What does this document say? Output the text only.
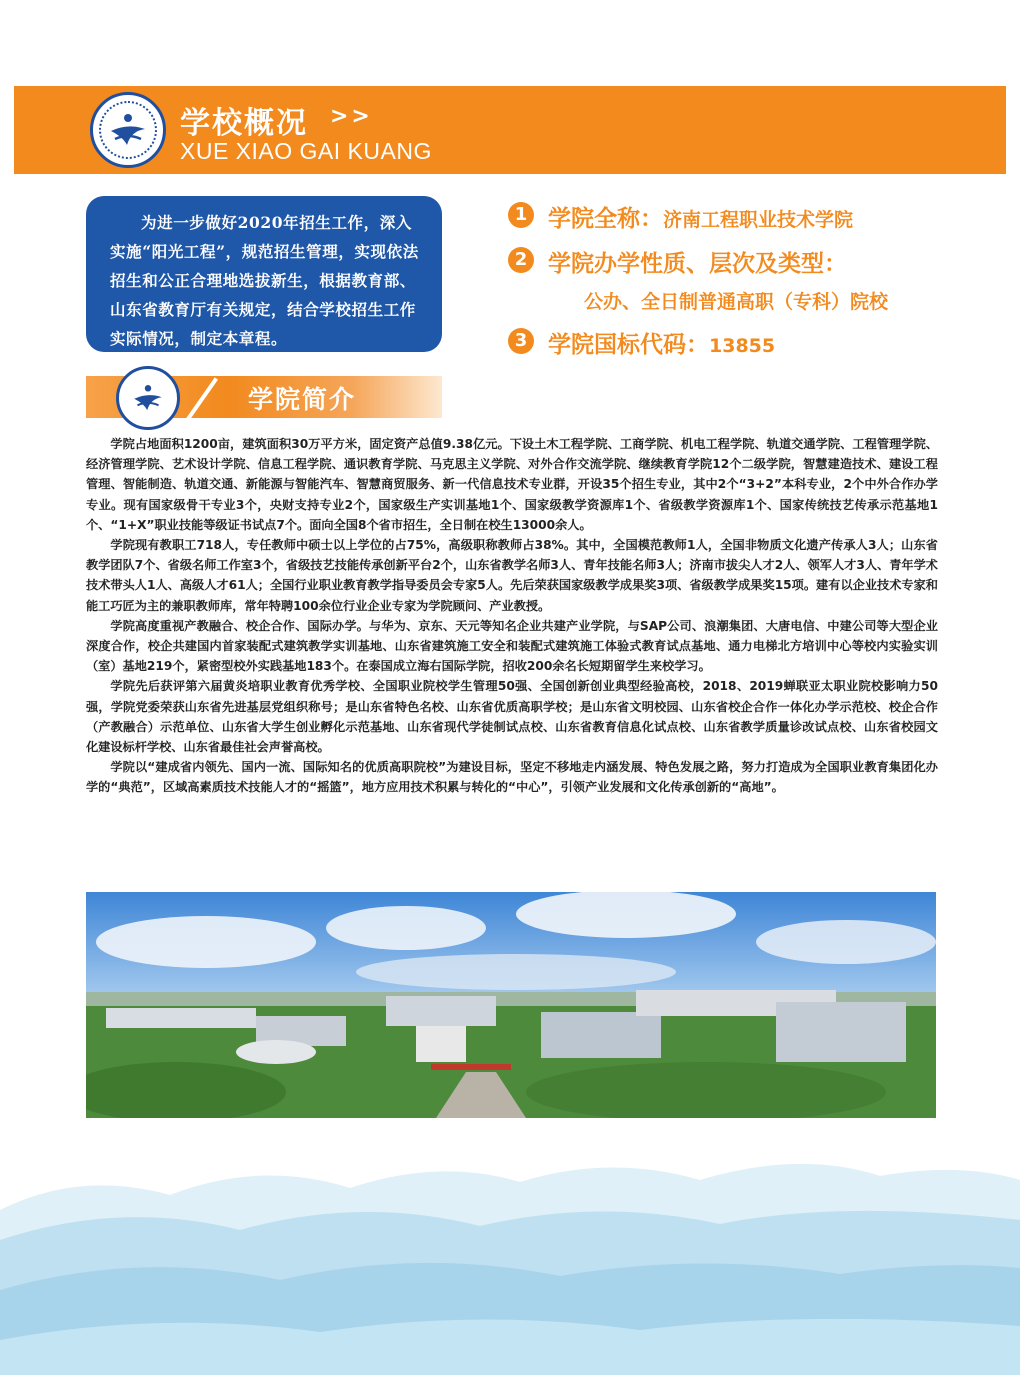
学校概况 >>
XUE XIAO GAI KUANG
为进一步做好2020年招生工作，深入实施“阳光工程”，规范招生管理，实现依法招生和公正合理地选拔新生，根据教育部、山东省教育厅有关规定，结合学校招生工作实际情况，制定本章程。
1 学院全称：济南工程职业技术学院
2 学院办学性质、层次及类型：
公办、全日制普通高职（专科）院校
3 学院国标代码：13855
学院简介

学院占地面积1200亩，建筑面积30万平方米，固定资产总值9.38亿元。下设土木工程学院、工商学院、机电工程学院、轨道交通学院、工程管理学院、经济管理学院、艺术设计学院、信息工程学院、通识教育学院、马克思主义学院、对外合作交流学院、继续教育学院12个二级学院，智慧建造技术、建设工程管理、智能制造、轨道交通、新能源与智能汽车、智慧商贸服务、新一代信息技术专业群，开设35个招生专业，其中2个“3+2”本科专业，2个中外合作办学专业。现有国家级骨干专业3个，央财支持专业2个，国家级生产实训基地1个、国家级教学资源库1个、省级教学资源库1个、国家传统技艺传承示范基地1个、“1+X”职业技能等级证书试点7个。面向全国8个省市招生，全日制在校生13000余人。

学院现有教职工718人，专任教师中硕士以上学位的占75%，高级职称教师占38%。其中，全国模范教师1人，全国非物质文化遗产传承人3人；山东省教学团队7个、省级名师工作室3个，省级技艺技能传承创新平台2个，山东省教学名师3人、青年技能名师3人；济南市拔尖人才2人、领军人才3人、青年学术技术带头人1人、高级人才61人；全国行业职业教育教学指导委员会专家5人。先后荣获国家级教学成果奖3项、省级教学成果奖15项。建有以企业技术专家和能工巧匠为主的兼职教师库，常年特聘100余位行业企业专家为学院顾问、产业教授。

学院高度重视产教融合、校企合作、国际办学。与华为、京东、天元等知名企业共建产业学院，与SAP公司、浪潮集团、大唐电信、中建公司等大型企业深度合作，校企共建国内首家装配式建筑教学实训基地、山东省建筑施工安全和装配式建筑施工体验式教育试点基地、通力电梯北方培训中心等校内实验实训（室）基地219个，紧密型校外实践基地183个。在泰国成立海右国际学院，招收200余名长短期留学生来校学习。

学院先后获评第六届黄炎培职业教育优秀学校、全国职业院校学生管理50强、全国创新创业典型经验高校，2018、2019蝉联亚太职业院校影响力50强，学院党委荣获山东省先进基层党组织称号；是山东省特色名校、山东省优质高职学校；是山东省文明校园、山东省校企合作一体化办学示范校、校企合作（产教融合）示范单位、山东省大学生创业孵化示范基地、山东省现代学徒制试点校、山东省教育信息化试点校、山东省教学质量诊改试点校、山东省校园文化建设标杆学校、山东省最佳社会声誉高校。

学院以“建成省内领先、国内一流、国际知名的优质高职院校”为建设目标，坚定不移地走内涵发展、特色发展之路，努力打造成为全国职业教育集团化办学的“典范”，区域高素质技术技能人才的“摇篮”，地方应用技术积累与转化的“中心”，引领产业发展和文化传承创新的“高地”。
